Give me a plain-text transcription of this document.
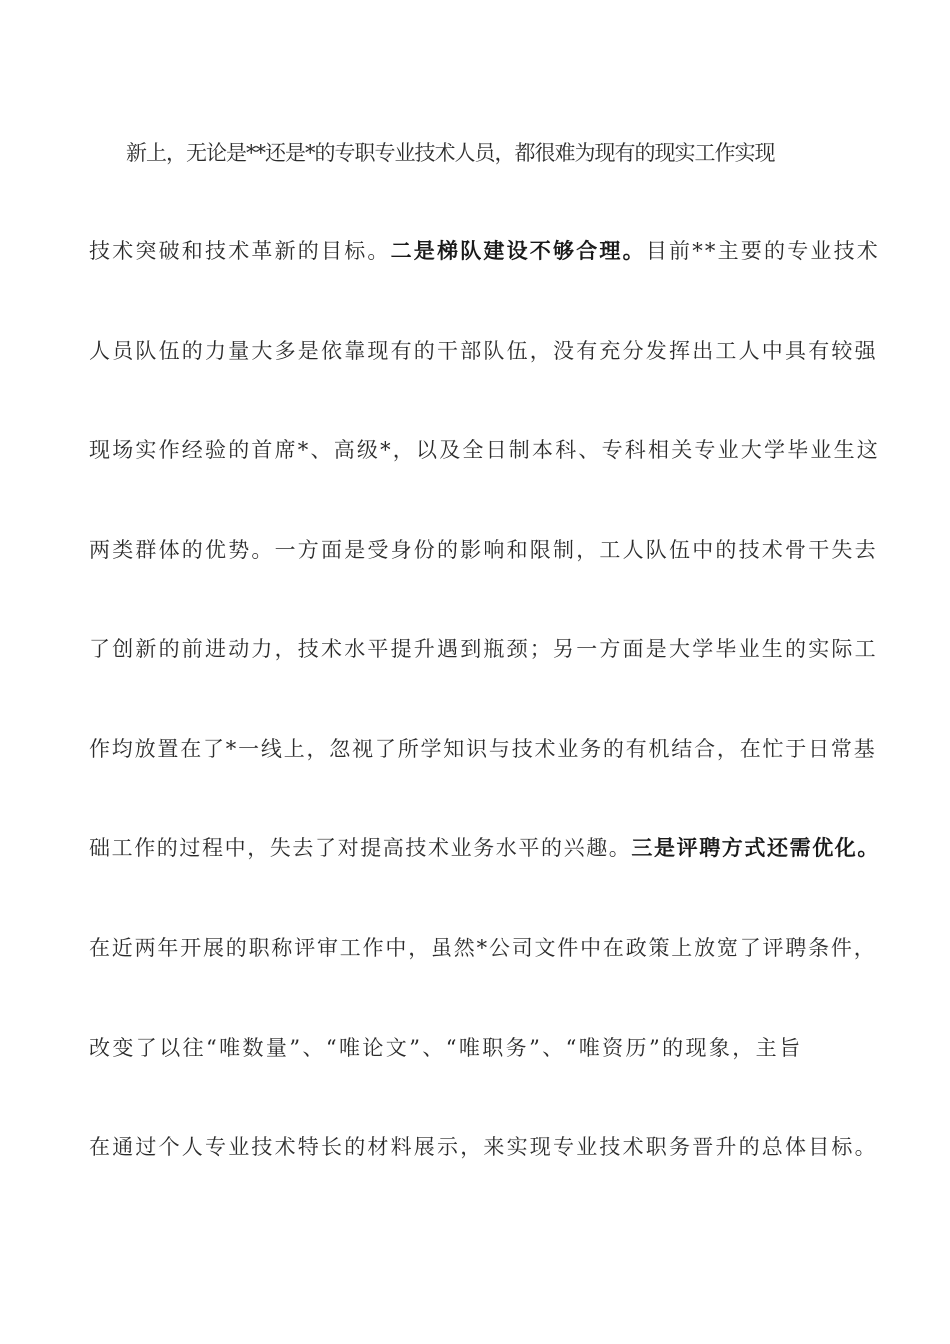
新上，无论是**还是*的专职专业技术人员，都很难为现有的现实工作实现
技术突破和技术革新的目标。二是梯队建设不够合理。目前**主要的专业技术
人员队伍的力量大多是依靠现有的干部队伍，没有充分发挥出工人中具有较强
现场实作经验的首席*、高级*，以及全日制本科、专科相关专业大学毕业生这
两类群体的优势。一方面是受身份的影响和限制，工人队伍中的技术骨干失去
了创新的前进动力，技术水平提升遇到瓶颈；另一方面是大学毕业生的实际工
作均放置在了*一线上，忽视了所学知识与技术业务的有机结合，在忙于日常基
础工作的过程中，失去了对提高技术业务水平的兴趣。三是评聘方式还需优化。
在近两年开展的职称评审工作中，虽然*公司文件中在政策上放宽了评聘条件，
改变了以往“唯数量”、“唯论文”、“唯职务”、“唯资历”的现象，主旨
在通过个人专业技术特长的材料展示，来实现专业技术职务晋升的总体目标。
